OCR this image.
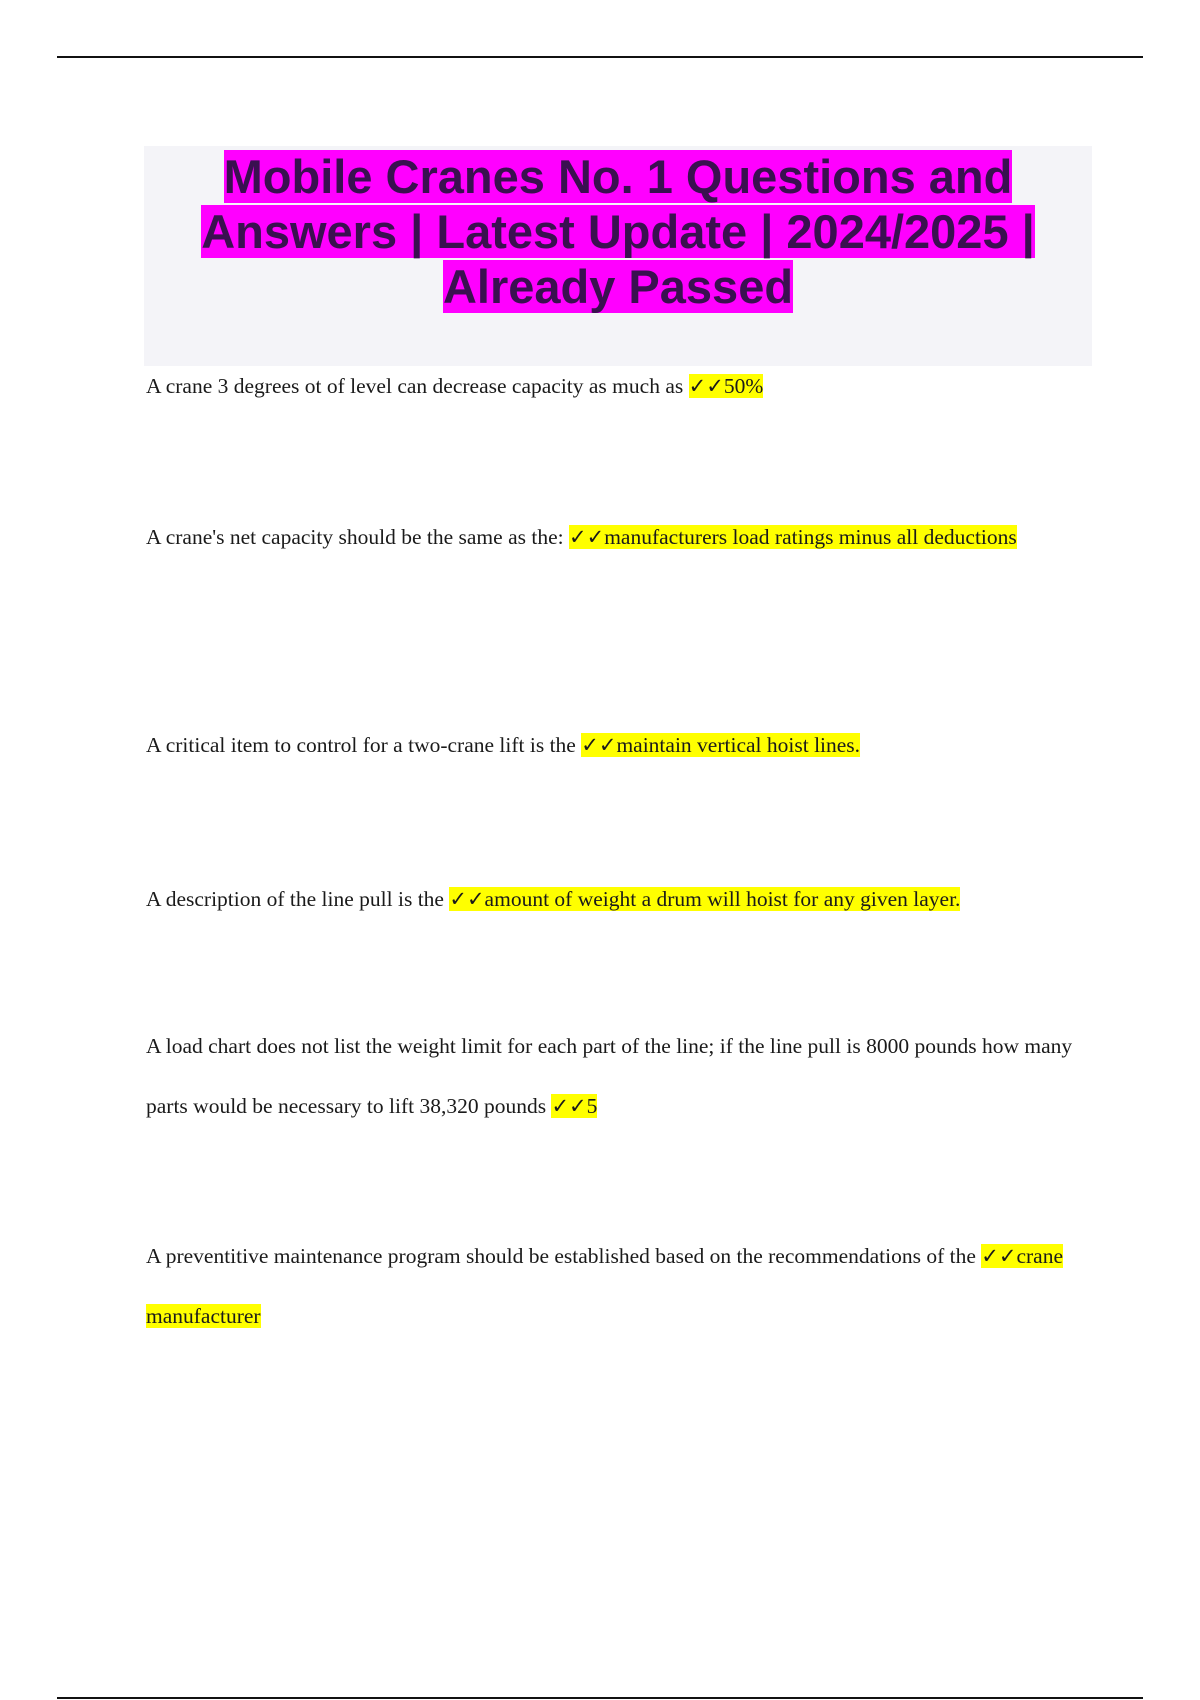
Mobile Cranes No. 1 Questions and Answers | Latest Update | 2024/2025 | Already Passed

A crane 3 degrees ot of level can decrease capacity as much as ✓✓50%

A crane's net capacity should be the same as the: ✓✓manufacturers load ratings minus all deductions

A critical item to control for a two-crane lift is the ✓✓maintain vertical hoist lines.

A description of the line pull is the ✓✓amount of weight a drum will hoist for any given layer.

A load chart does not list the weight limit for each part of the line; if the line pull is 8000 pounds how many parts would be necessary to lift 38,320 pounds ✓✓5

A preventitive maintenance program should be established based on the recommendations of the ✓✓crane manufacturer
